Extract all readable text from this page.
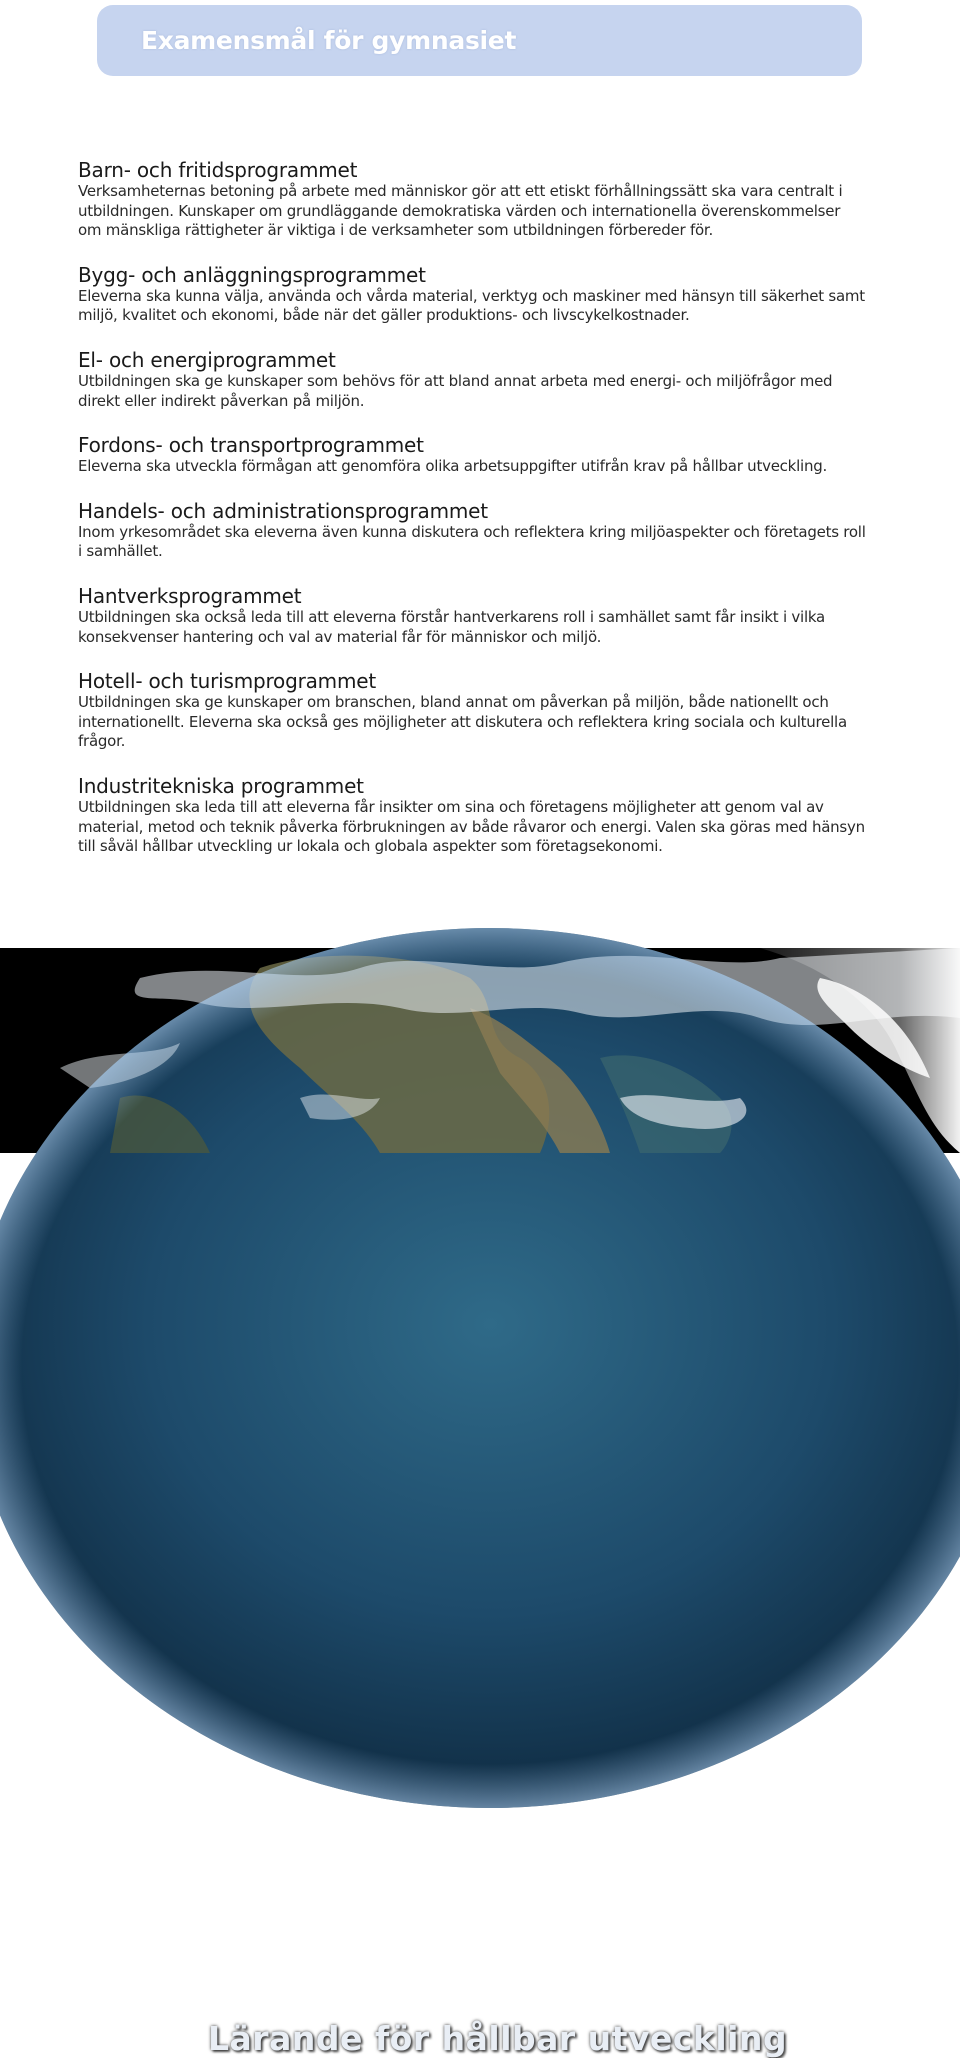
Examensmål för gymnasiet
Barn- och fritidsprogrammet

Verksamheternas betoning på arbete med människor gör att ett etiskt förhållningssätt ska vara centralt i
utbildningen. Kunskaper om grundläggande demokratiska värden och internationella överenskommelser
om mänskliga rättigheter är viktiga i de verksamheter som utbildningen förbereder för.

Bygg- och anläggningsprogrammet

Eleverna ska kunna välja, använda och vårda material, verktyg och maskiner med hänsyn till säkerhet samt
miljö, kvalitet och ekonomi, både när det gäller produktions- och livscykelkostnader.

El- och energiprogrammet

Utbildningen ska ge kunskaper som behövs för att bland annat arbeta med energi- och miljöfrågor med
direkt eller indirekt påverkan på miljön.

Fordons- och transportprogrammet

Eleverna ska utveckla förmågan att genomföra olika arbetsuppgifter utifrån krav på hållbar utveckling.

Handels- och administrationsprogrammet

Inom yrkesområdet ska eleverna även kunna diskutera och reflektera kring miljöaspekter och företagets roll
i samhället.

Hantverksprogrammet

Utbildningen ska också leda till att eleverna förstår hantverkarens roll i samhället samt får insikt i vilka
konsekvenser hantering och val av material får för människor och miljö.

Hotell- och turismprogrammet

Utbildningen ska ge kunskaper om branschen, bland annat om påverkan på miljön, både nationellt och
internationellt. Eleverna ska också ges möjligheter att diskutera och reflektera kring sociala och kulturella
frågor.

Industritekniska programmet

Utbildningen ska leda till att eleverna får insikter om sina och företagens möjligheter att genom val av
material, metod och teknik påverka förbrukningen av både råvaror och energi. Valen ska göras med hänsyn
till såväl hållbar utveckling ur lokala och globala aspekter som företagsekonomi.

Lärande för hållbar utveckling
